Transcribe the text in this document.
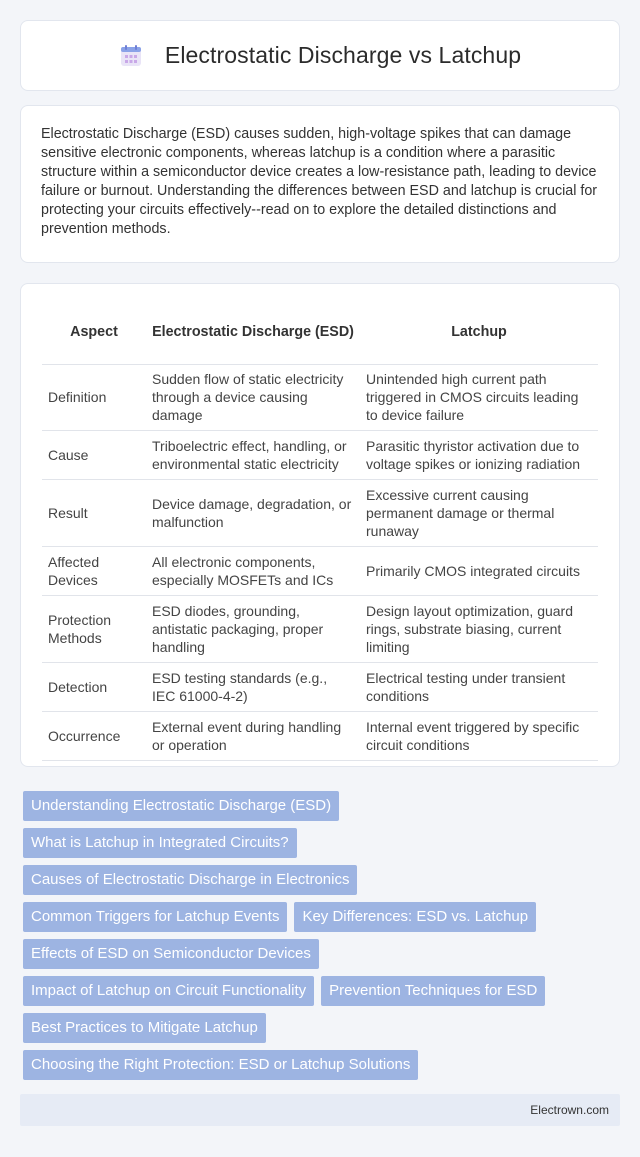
Electrostatic Discharge vs Latchup

Electrostatic Discharge (ESD) causes sudden, high-voltage spikes that can damage sensitive electronic components, whereas latchup is a condition where a parasitic structure within a semiconductor device creates a low-resistance path, leading to device failure or burnout. Understanding the differences between ESD and latchup is crucial for protecting your circuits effectively--read on to explore the detailed distinctions and prevention methods.

Aspect	Electrostatic Discharge (ESD)	Latchup
Definition	Sudden flow of static electricity through a device causing damage	Unintended high current path triggered in CMOS circuits leading to device failure
Cause	Triboelectric effect, handling, or environmental static electricity	Parasitic thyristor activation due to voltage spikes or ionizing radiation
Result	Device damage, degradation, or malfunction	Excessive current causing permanent damage or thermal runaway
Affected Devices	All electronic components, especially MOSFETs and ICs	Primarily CMOS integrated circuits
Protection Methods	ESD diodes, grounding, antistatic packaging, proper handling	Design layout optimization, guard rings, substrate biasing, current limiting
Detection	ESD testing standards (e.g., IEC 61000-4-2)	Electrical testing under transient conditions
Occurrence	External event during handling or operation	Internal event triggered by specific circuit conditions
Understanding Electrostatic Discharge (ESD)
What is Latchup in Integrated Circuits?
Causes of Electrostatic Discharge in Electronics
Common Triggers for Latchup Events	Key Differences: ESD vs. Latchup
Effects of ESD on Semiconductor Devices
Impact of Latchup on Circuit Functionality	Prevention Techniques for ESD
Best Practices to Mitigate Latchup
Choosing the Right Protection: ESD or Latchup Solutions
Electrown.com
